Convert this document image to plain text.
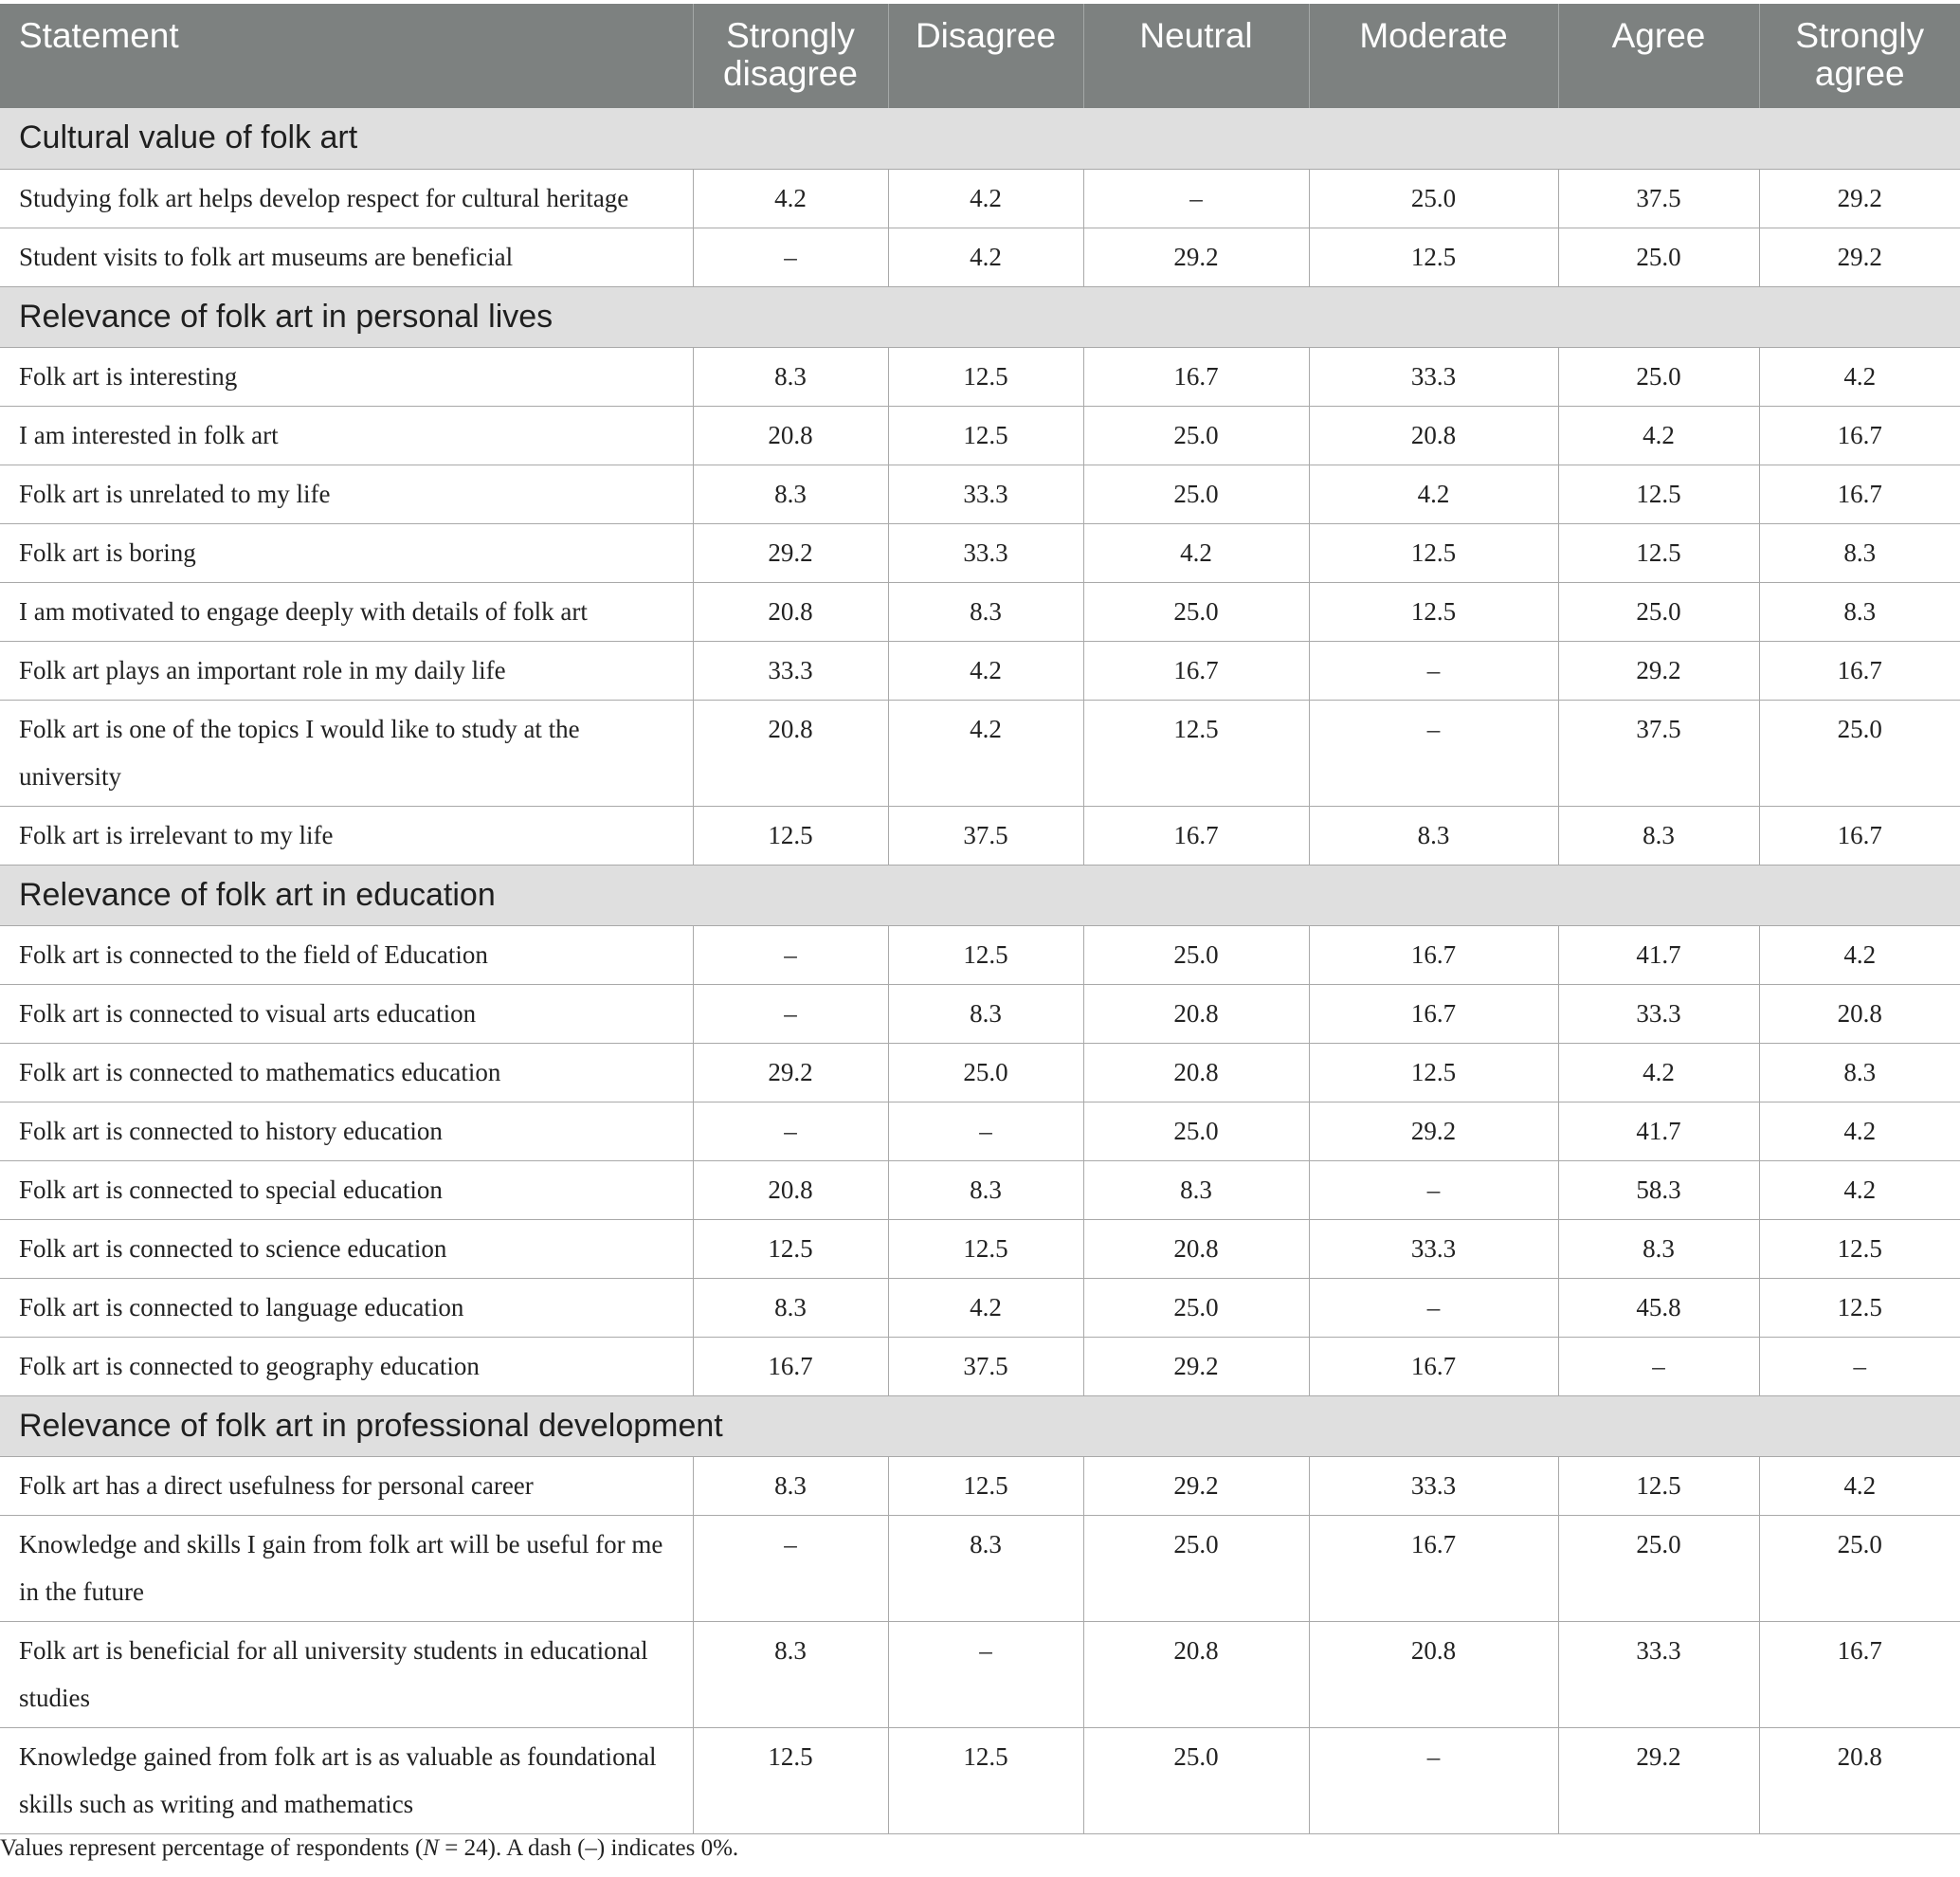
Statement	Strongly disagree	Disagree	Neutral	Moderate	Agree	Strongly agree
Cultural value of folk art						
Studying folk art helps develop respect for cultural heritage	4.2	4.2	–	25.0	37.5	29.2
Student visits to folk art museums are beneficial	–	4.2	29.2	12.5	25.0	29.2
Relevance of folk art in personal lives						
Folk art is interesting	8.3	12.5	16.7	33.3	25.0	4.2
I am interested in folk art	20.8	12.5	25.0	20.8	4.2	16.7
Folk art is unrelated to my life	8.3	33.3	25.0	4.2	12.5	16.7
Folk art is boring	29.2	33.3	4.2	12.5	12.5	8.3
I am motivated to engage deeply with details of folk art	20.8	8.3	25.0	12.5	25.0	8.3
Folk art plays an important role in my daily life	33.3	4.2	16.7	–	29.2	16.7
Folk art is one of the topics I would like to study at the university	20.8	4.2	12.5	–	37.5	25.0
Folk art is irrelevant to my life	12.5	37.5	16.7	8.3	8.3	16.7
Relevance of folk art in education						
Folk art is connected to the field of Education	–	12.5	25.0	16.7	41.7	4.2
Folk art is connected to visual arts education	–	8.3	20.8	16.7	33.3	20.8
Folk art is connected to mathematics education	29.2	25.0	20.8	12.5	4.2	8.3
Folk art is connected to history education	–	–	25.0	29.2	41.7	4.2
Folk art is connected to special education	20.8	8.3	8.3	–	58.3	4.2
Folk art is connected to science education	12.5	12.5	20.8	33.3	8.3	12.5
Folk art is connected to language education	8.3	4.2	25.0	–	45.8	12.5
Folk art is connected to geography education	16.7	37.5	29.2	16.7	–	–
Relevance of folk art in professional development						
Folk art has a direct usefulness for personal career	8.3	12.5	29.2	33.3	12.5	4.2
Knowledge and skills I gain from folk art will be useful for me in the future	–	8.3	25.0	16.7	25.0	25.0
Folk art is beneficial for all university students in educational studies	8.3	–	20.8	20.8	33.3	16.7
Knowledge gained from folk art is as valuable as foundational skills such as writing and mathematics	12.5	12.5	25.0	–	29.2	20.8
Values represent percentage of respondents (N = 24). A dash (–) indicates 0%.
